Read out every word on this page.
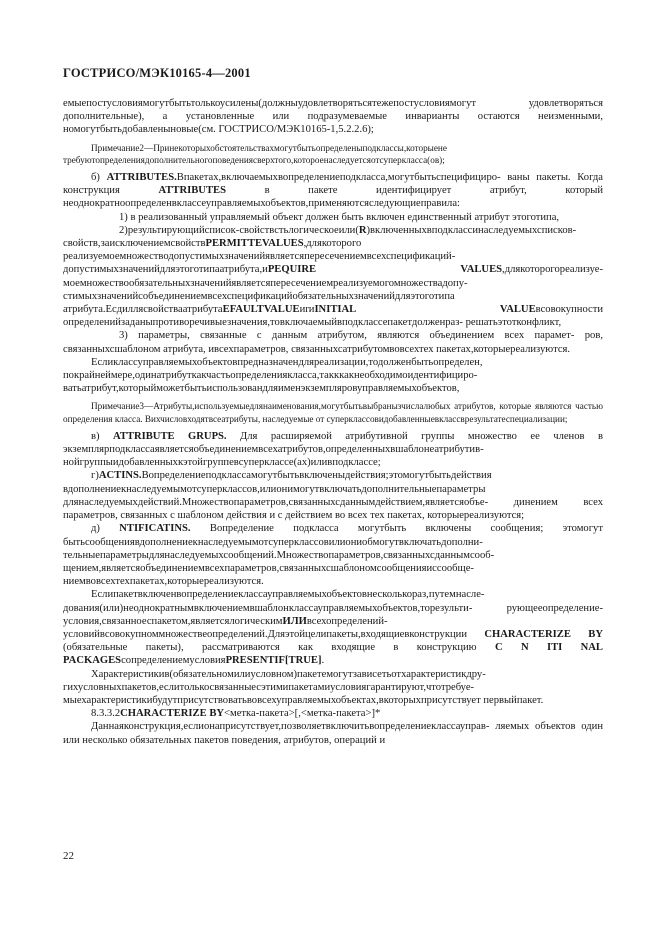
ГОСТРИСО/МЭК10165-4—2001

емыепостусловиямогутбытьтолькоусилены(должныудовлетворятьсятежепостусловиямогут удовлетворяться дополнительные), а установленные или подразумеваемые инварианты остаются неизменными, номогутбытьдобавленыновые(см. ГОСТРИСО/МЭК10165-1,5.2.2.6);

Примечание2—Принекоторыхобстоятельствахмогутбытьопределеныподклассы,которыене требуютопределениядополнительногоповедениясверхтого,котороенаследуетсяотсуперкласса(ов);

б) ATTRIBUTES.Впакетах,включаемыхвопределениеподкласса,могутбытьспецифициро- ваны пакеты. Когда конструкция	ATTRIBUTES	в пакете идентифицирует атрибут, который неоднократноопределенвклассеуправляемыхобъектов,применяютсяследующиеправила:

1) в реализованный управляемый объект должен быть включен единственный атрибут этоготипа,

2)результирующийсписок-свойствстьлогическоеили(R)включенныхвподклассинаследуемыхсписков-свойств,заисключениемсвойствPERMITTEVALUES,длякоторого реализуемоемножестводопустимыхзначенийявляетсяпересечениемвсехспецификаций- допустимыхзначенийдляэтоготипаатрибута,иPEQUIRE VALUES,длякоторогореализуе- моемножествообязательныхзначенийявляетсяпересечениемреализуемогомножествадопу- стимыхзначенийсобъединениемвсехспецификацийобязательныхзначенийдляэтоготипа атрибута.ЕсдиллясвойстваатрибутаEFAULTVALUEиrиINITIAL VALUEвсовокупности определенийзаданыпротиворечивыезначения,товключаемыйвподклассепакетдолженраз- решатьэтотконфликт,

3) параметры, связанные с данным атрибутом, являются объединением всех парамет- ров, связанныхсшаблоном атрибута, ивсехпараметров, связанныхсатрибутомвовсехтех пакетах,которыереализуются.

Есликлассуправляемыхобъектовпредназначендляреализации,тодолженбытьопределен, покрайнеймере,одинатрибуткакчастьопределениякласса,такккакнеобходимоидентифициро- ватьатрибут,которыйможетбытьиспользовандляименэкземпляровуправляемыхобъектов,

Примечание3—Атрибуты,используемыедлянаименования,могутбытьвыбранызчислалюбых атрибутов, которые являются частью определения класса. Вихчисловходятвсеатрибуты, наследуемые от суперклассовидобавленныевклассврезультатеспециализации;

в) ATTRIBUTE GRUPS. Для расширяемой атрибутивной группы множество ее членов в экземплярподклассаявляетсяобъединениемвсехатрибутов,определенныхвшаблонеатрибутив- нойгруппыидобавленныхкэтойгруппевсуперклассе(ах)иливподклассе;

г)ACTINS.Вопределениеподклассамогутбытьвключеныдействия;этомогутбытьдействия вдополнениекнаследуемымотсуперклассов,илионимогутвключатьдополнительныепараметры длянаследуемыхдействий.Множествопараметров,связанныхсданнымдействием,являетсяобъе- динением всех параметров, связанных с шаблоном действия и с действием во всех тех пакетах, которыереализуются;

д) NTIFICATINS. Вопределение подкласса могутбыть включены сообщения; этомогут бытьсообщениявдополнениекнаследуемымотсуперклассовилиониобмогутвключатьдополни- тельныепараметрыдлянаследуемыхсообщений.Множествопараметров,связанныхсданнымсооб- щением,являетсяобъединениемвсехпараметров,связанныхсшаблономсообщенияиссообще- ниемвовсехтехпакетах,которыереализуются.

Еслипакетвключенвопределениеклассауправляемыхобъектовнесколькораз,путемнасле- дования(или)неоднократнымвключениемвшаблонклассауправляемыхобъектов,торезульти- рующееопределение-условия,связанноеспакетом,являетсялогическимИЛИвсехопределений- условийвсовокупноммножествеопределений.Дляэтойцелипакеты,входящиевконструкции CHARACTERIZE BY (обязательные пакеты), рассматриваются как входящие в конструкцию C N ITI NAL PACKAGESсопределениемусловияPRESENTIF[TRUE].

Характеристикив(обязательномилиусловном)пакетемогутзависетьотхарактеристикдру- гихусловныхпакетов,еслитолькосвязанныесэтимипакетамиусловиягарантируют,чтотребуе- мыехарактеристикибудутприсутствоватьвовсехуправляемыхобъектах,вкоторыхприсутствует первыйпакет.

8.3.3.2CHARACTERIZE BY<метка-пакета>[,<метка-пакета>]*

Даннаяконструкция,еслионаприсутствует,позволяетвключитьвопределениеклассауправ- ляемых объектов один или несколько обязательных пакетов поведения, атрибутов, операций и

22
